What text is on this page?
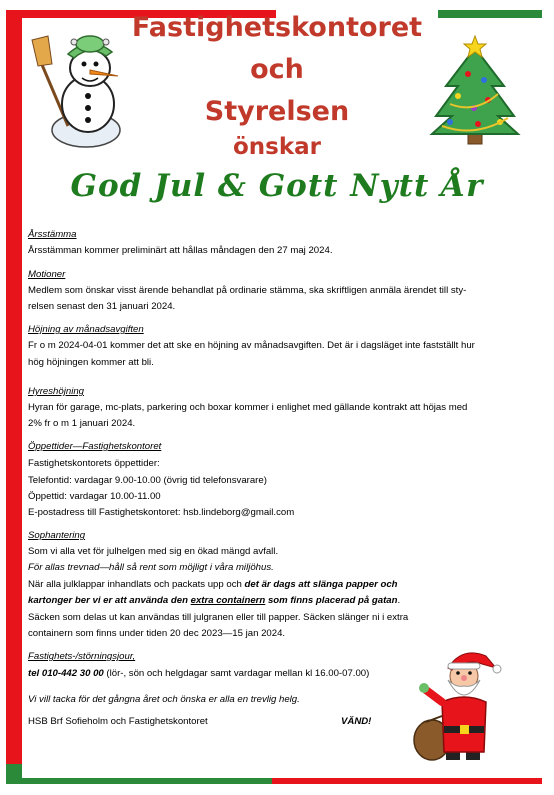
Fastighetskontoret
och
Styrelsen
önskar
God Jul & Gott Nytt År
Årsstämma
Årsstämman kommer preliminärt att hållas måndagen den 27 maj 2024.
Motioner
Medlem som önskar visst ärende behandlat på ordinarie stämma, ska skriftligen anmäla ärendet till sty-
relsen senast den 31 januari 2024.
Höjning av månadsavgiften
Fr o m 2024-04-01 kommer det att ske en höjning av månadsavgiften. Det är i dagsläget inte fastställt hur
hög höjningen kommer att bli.
Hyreshöjning
Hyran för garage, mc-plats, parkering och boxar kommer i enlighet med gällande kontrakt att höjas med
2% fr o m 1 januari 2024.
Öppettider—Fastighetskontoret
Fastighetskontorets öppettider:
Telefontid: vardagar 9.00-10.00 (övrig tid telefonsvarare)
Öppettid: vardagar 10.00-11.00
E-postadress till Fastighetskontoret: hsb.lindeborg@gmail.com
Sophantering
Som vi alla vet för julhelgen med sig en ökad mängd avfall.
För allas trevnad—håll så rent som möjligt i våra miljöhus.
När alla julklappar inhandlats och packats upp och det är dags att slänga papper och
kartonger ber vi er att använda den extra containern som finns placerad på gatan.
Säcken som delas ut kan användas till julgranen eller till papper. Säcken slänger ni i extra
containern som finns under tiden 20 dec 2023—15 jan 2024.
Fastighets-/störningsjour,
tel 010-442 30 00 (lör-, sön och helgdagar samt vardagar mellan kl 16.00-07.00)
Vi vill tacka för det gångna året och önska er alla en trevlig helg.
HSB Brf Sofieholm och Fastighetskontoret	VÄND!
